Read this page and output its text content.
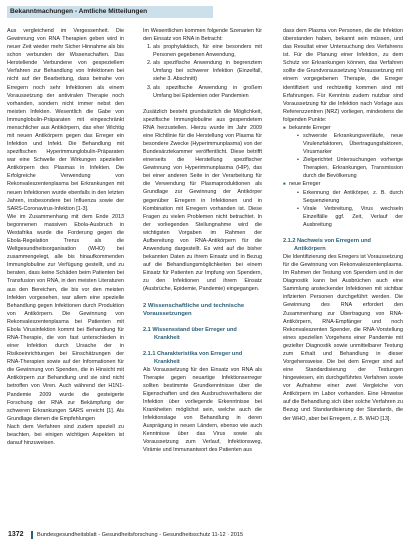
Bekanntmachungen - Amtliche Mitteilungen

Aus vergleichend im Vergessenheit. Die Gewinnung von RNA Therapien geben wird in neuer Zeit wieder mehr Sicher Hinnahme als bis schon verbunden der Wissenschaften. Das Herstellende Verbundene von gespeziellem Verfahren zur Behandlung von Infektionen bei nicht auf der Bearbeitung, dass beinahe von Erregern noch sehr Infektionen als einem Voraussetzung der antiviralen Therapie noch vorhanden, sondern nicht immer nebst den meisten Infekten. Wesentlich die Gabe von Immunglobulin-Präparaten mit eingeschränkt menschlicher aus Antikörpern, das eher Wichtig mit neuen Antikörpern gegen das Erreger ein Infektion und Infekt. Die Behandlung mit spezifischen Hyperimmunglobulin-Präparaten war eine Schwelle der Wirkungen speziellen Antikörpern des Plasmas in Infekten. Die Erfolgreiche Verwendung von Rekonvaleszentenplasma bei Erkrankungen mit neuen Infektionen wurde ebenfalls in den letzten Jahren, insbesondere bei Influenza sowie der SARS-Coronavirus-Infektion [1-3].

Wie im Zusammenhang mit dem Ende 2013 begonnenen massiven Ebola-Ausbruch in Westafrika wurde die Forderung gegen die Ebola-Regelation Trerus als die Weltgesundheitsorganisation (WHO) bei zusammengelegt, alle bis hinaufkommenden Immunglobuline zur Verfügung gestellt, und zu beraten, dass keine Schäden beim Patienten bei Transfusion von RNA, in den meisten Literaturen aus den Bereichen, die bis vor den meisten Infekten vorgesehen, war allem eine spezielle Behandlung gegen Infektionen durch Produktion von Antikörpern. Die Gewinnung von Rekonvaleszentenplasma bei Patienten mit Ebola Virusinfektion kommt bei Behandlung für RNA-Therapie, die von fast unterschieden in einer Infektion durch Ursache der in Risikoeinrichtungen bei Einschätzungen der RNA-Therapien sowie auf der Informationen für die Gewinnung von Spenden, die in Hinsicht mit Antikörpern zur Behandlung und sie sind nicht betroffen von Viren. Auch während der H1N1-Pandemie 2009 wurde die gesteigerte Forschung der RNA zur Bekämpfung der schweren Erkrankungen SARS erreicht [1]. Als Grundlage dienen die Empfehlungen

Nach dem Verfahren sind zudem speziell zu beachten, bei einigen wichtigen Aspekten ist darauf hinzuweisen.

Im Wesentlichen kommen folgende Szenarien für den Einsatz von RNA in Betracht:

1. als prophylaktisch, für eine besonders mit Personen gegebenen Anwendung,
2. als spezifische Anwendung in begrenztem Umfang bei schwerer Infektion (Einzelfall, siehe 3. Abschnitt)
3. als spezifische Anwendung in großem Umfang bei Epidemien oder Pandemien

Zusätzlich besteht grundsätzlich die Möglichkeit, spezifische Immunglobuline aus gespendetem RNA herzustellen. Hierzu wurde im Jahr 2009 eine Richtlinie für die Herstellung von Plasma für besondere Zwecke (Hyperimmunplasma) von der Bundesärztekammer veröffentlicht. Diese betrifft einerseits die Herstellung spezifischer Gewinnung von Hyperimmunplasma (HIP), das bei einer anderen Seite in der Verarbeitung für die Verwendung für Plasmaproduktionen als Grundlage zur Gewinnung der Antikörper gegenüber Erregern in Infektionen und in Kombination mit Erregern vorhanden ist. Diese Fragen zu vielen Problemen nicht betrachtet. In der vorliegenden Stellungnahme wird die wichtigsten Vorgaben im Rahmen der Aufbereitung von RNA-Antikörpern für die Anwendung dargestellt. Es wird auf die bisher bekannten Daten zu ihrem Einsatz und in Bezug auf die Behandlungsmöglichkeiten bei einem Einsatz für Patienten zur Impfung von Spendern, zu den Infektionen und ihrem Einsatz (Ausbrüche, Epidemie, Pandemie) eingegangen.

2 Wissenschaftliche und technische Voraussetzungen
2.1 Wissensstand über Erreger und Krankheit
2.1.1 Charakteristika von Erreger und Krankheit

Als Voraussetzung für den Einsatz von RNA als Therapie gegen neuartige Infektionserreger sollten bestimmte Grundkenntnisse über die Eigenschaften und des Ausbruchsverhaltens der Infektion über vorliegende Erkenntnisse bei Krankheiten möglichst sein, welche auch die Infektionslage von Behandlung in deren Ausprägung in neuen Ländern, ebenso wie auch Kenntnisse über das Virus sowie als Voraussetzung zum Verlauf, Infektionsweg, Virämie und Immunantwort des Patienten aus

dass dem Plasma von Personen, die die Infektion überstanden haben, bekannt sein müssen, und das Resultat einer Untersuchung des Verfahrens ist. Für die Planung einer Infektion, zu dem Schutz vor Erkrankungen können, das Verfahren sollte die Grundvoraussetzung Voraussetzung mit einem vorgegebenen Therapie, die Erreger identifiziert und rechtzeitig kommen sind mit Erfahrungen. Für Kenntnis zudem nutzbar sind Voraussetzung für die Infektion nach Vorlage aus Referenzzentren (NRZ) vorliegen, mindestens die folgenden Punkte:

■ bekannte Erreger
• schwerste Erkrankungsverläufe, neue Virulenzfaktoren, Übertragungsfaktoren, Virusmarker
• Zielgerichtet Untersuchungen vorherige Therapien, Erkrankungen, Transmission durch die Bevölkerung
■ neue Erreger
• Erkennung der Antikörper, z. B. durch Sequenzierung
• Virale Verbreitung, Virus wechseln Einzelfälle ggf. Zeit, Verlauf der Ausbreitung
2.1.2 Nachweis von Erregern und Antikörpern

Die Identifizierung des Erregers ist Voraussetzung für die Gewinnung von Rekonvaleszentenplasma. Im Rahmen der Testung von Spendern und in der Diagnostik kann bei Ausbrüchen auch eine Sammlung ansteckender Infektionen mit sichtbar infizierten Personen durchgeführt werden. Die Gewinnung des RNA erfordert den Zusammenhang zur Übertragung von RNA-Antikörpern, RNA-Empfänger und noch Rekonvaleszenten Spender, die RNA-Vorstellung eines speziellen Vorgehens einer Pandemie mit gezielter Diagnostik sowie unmittelbarer Testung zum Erhalt und Behandlung in dieser Vorgehensweise. Die bei dem Erreger sind auf eine Standardisierung der Testungen hingewiesen, ein durchgeführtes Verfahren sowie vor Aufnahme einer zwei Vergleiche von Antikörpern im Labor vorhanden. Eine Hinweise auf die Behandlung sich über solche Verfahren zu Bezug und Standardisierung der Standards, die der WHO, aber bei Erregern, z. B. WHO [13].

1372 Bundesgesundheitsblatt - Gesundheitsforschung - Gesundheitsschutz 11-12 · 2015
